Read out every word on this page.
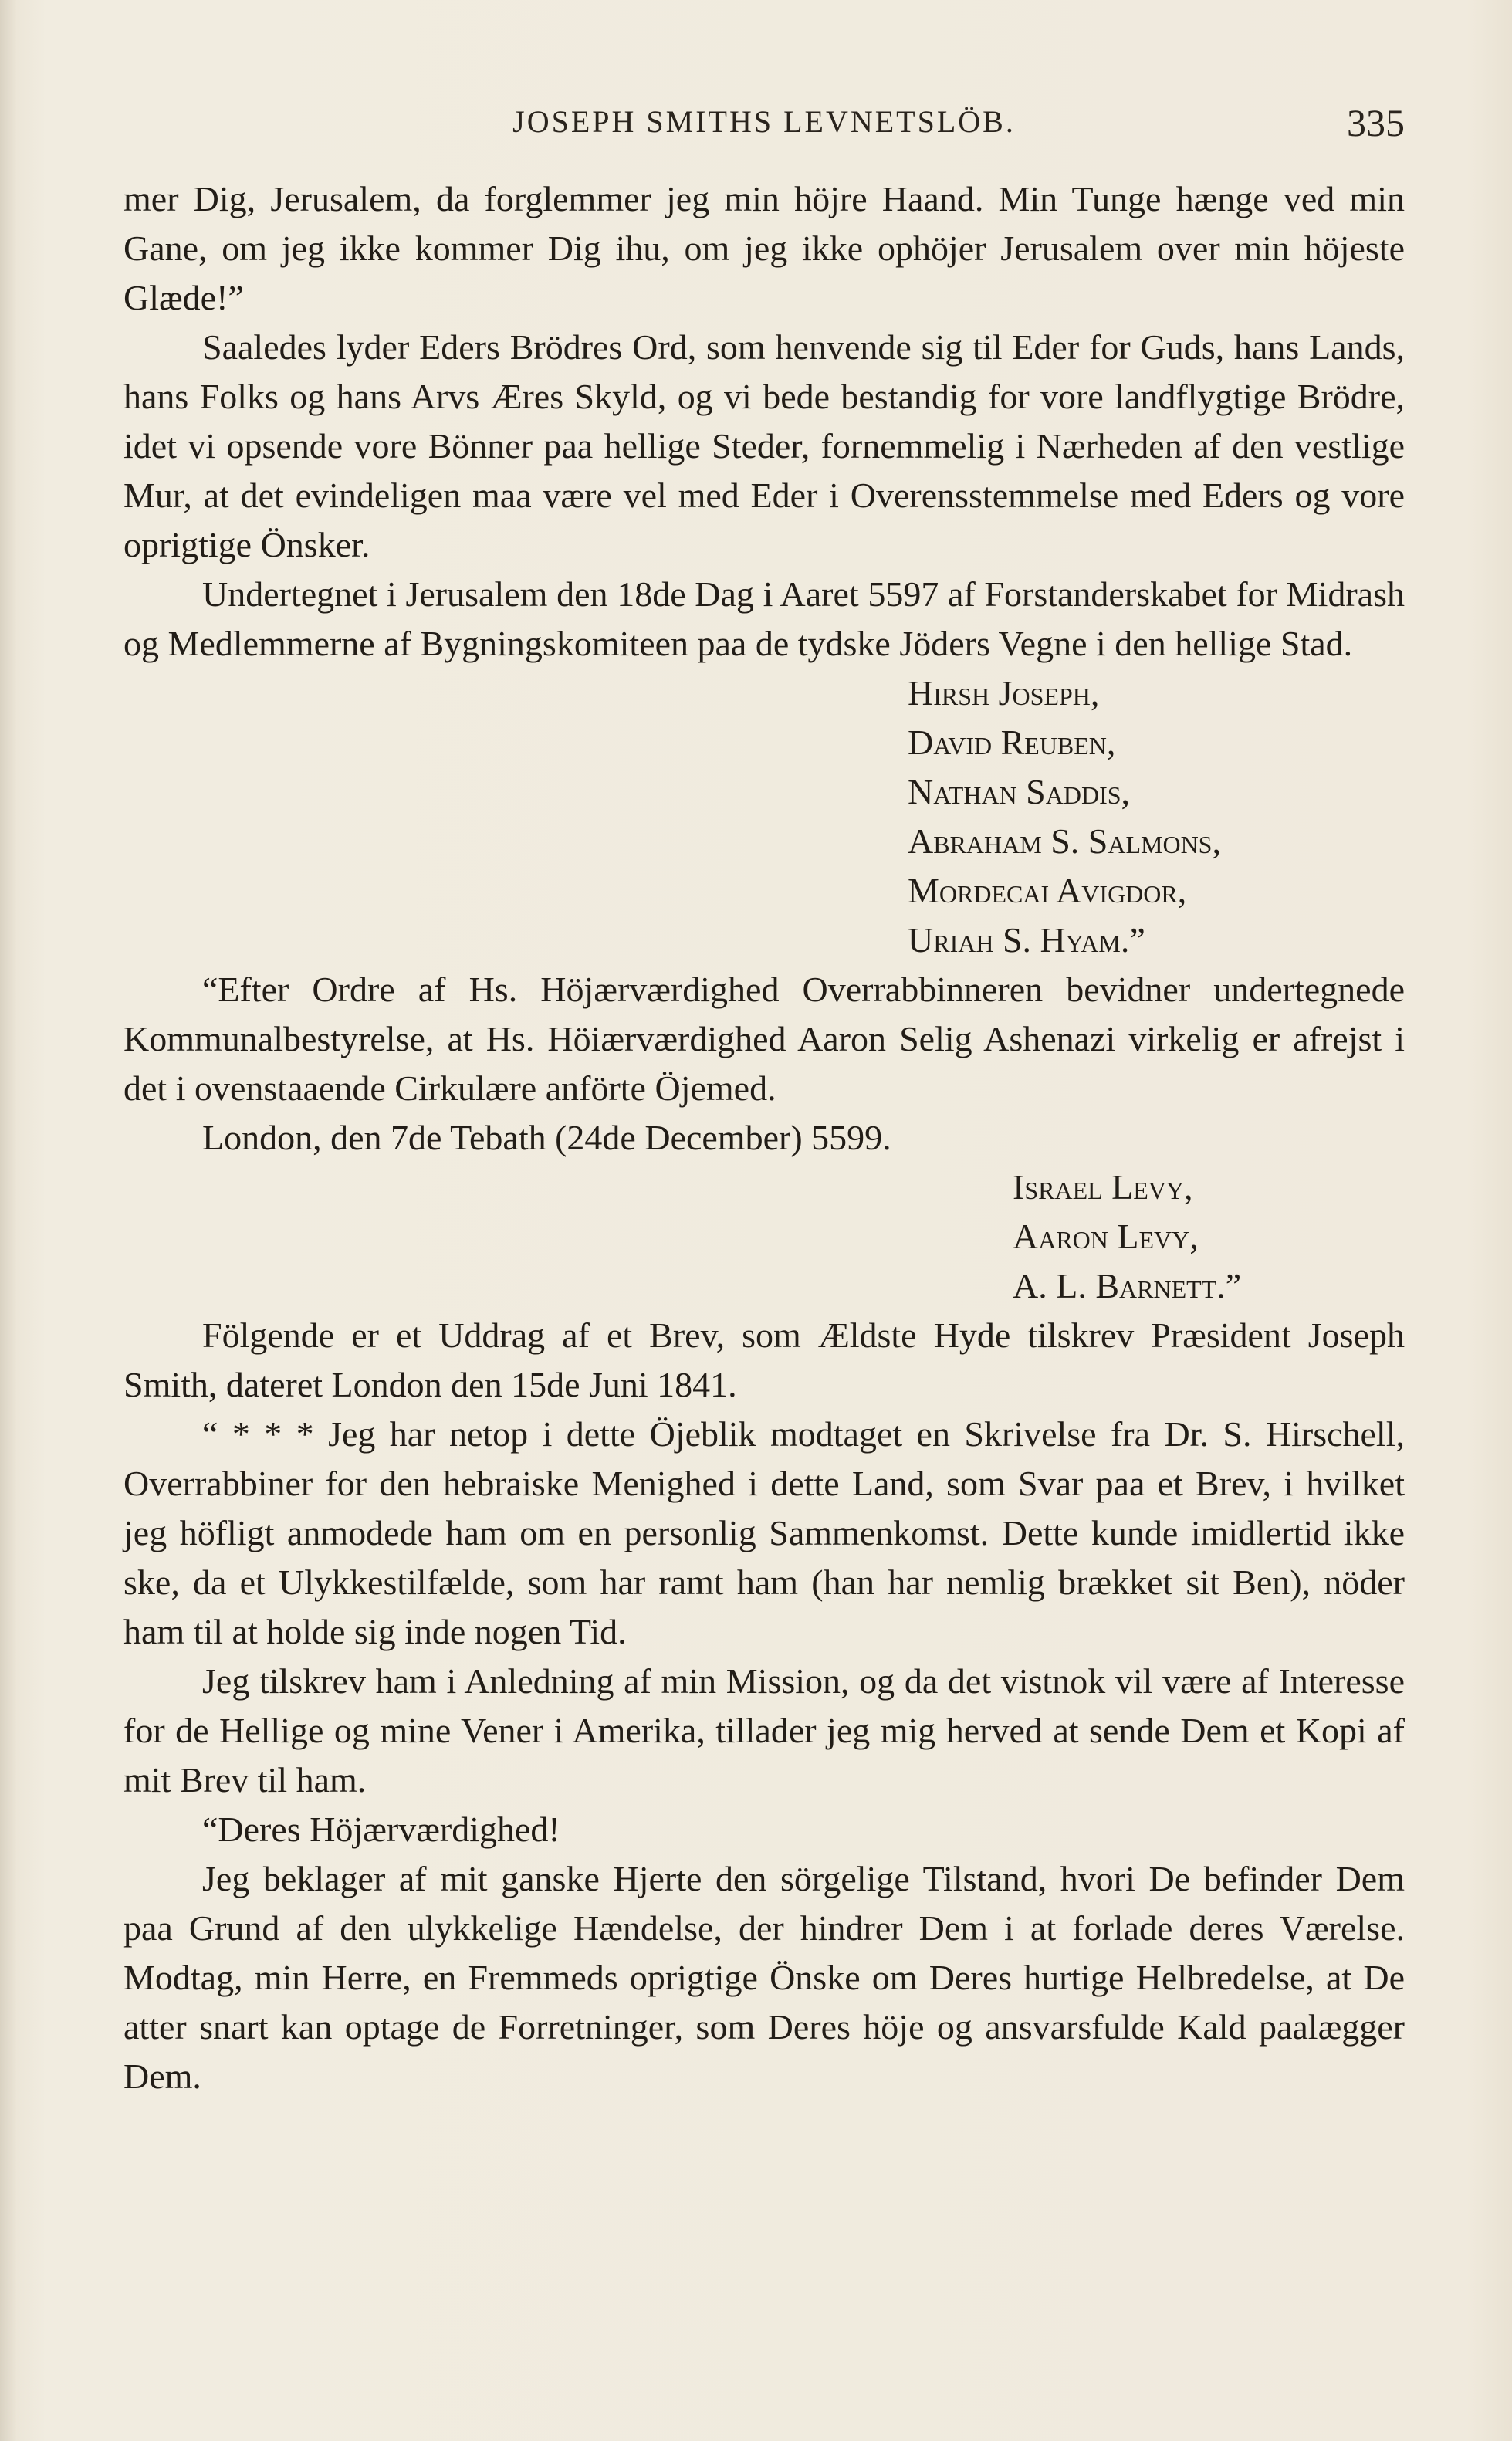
JOSEPH SMITHS LEVNETSLÖB.	335

mer Dig, Jerusalem, da forglemmer jeg min höjre Haand. Min Tunge hænge ved min Gane, om jeg ikke kommer Dig ihu, om jeg ikke ophöjer Jerusalem over min höjeste Glæde!”

Saaledes lyder Eders Brödres Ord, som henvende sig til Eder for Guds, hans Lands, hans Folks og hans Arvs Æres Skyld, og vi bede bestandig for vore landflygtige Brödre, idet vi opsende vore Bönner paa hellige Steder, fornemmelig i Nærheden af den vestlige Mur, at det evindeligen maa være vel med Eder i Overensstemmelse med Eders og vore oprigtige Önsker.

Undertegnet i Jerusalem den 18de Dag i Aaret 5597 af Forstanderskabet for Midrash og Medlemmerne af Bygningskomiteen paa de tydske Jöders Vegne i den hellige Stad.

Hirsh Joseph,
David Reuben,
Nathan Saddis,
Abraham S. Salmons,
Mordecai Avigdor,
Uriah S. Hyam.”

“Efter Ordre af Hs. Höjærværdighed Overrabbinneren bevidner undertegnede Kommunalbestyrelse, at Hs. Höiærværdighed Aaron Selig Ashenazi virkelig er afrejst i det i ovenstaaende Cirkulære anförte Öjemed.

London, den 7de Tebath (24de December) 5599.

Israel Levy,
Aaron Levy,
A. L. Barnett.”

Fölgende er et Uddrag af et Brev, som Ældste Hyde tilskrev Præsident Joseph Smith, dateret London den 15de Juni 1841.

“ * * * Jeg har netop i dette Öjeblik modtaget en Skrivelse fra Dr. S. Hirschell, Overrabbiner for den hebraiske Menighed i dette Land, som Svar paa et Brev, i hvilket jeg höfligt anmodede ham om en personlig Sammenkomst. Dette kunde imidlertid ikke ske, da et Ulykkestilfælde, som har ramt ham (han har nemlig brækket sit Ben), nöder ham til at holde sig inde nogen Tid.

Jeg tilskrev ham i Anledning af min Mission, og da det vistnok vil være af Interesse for de Hellige og mine Vener i Amerika, tillader jeg mig herved at sende Dem et Kopi af mit Brev til ham.

“Deres Höjærværdighed!

Jeg beklager af mit ganske Hjerte den sörgelige Tilstand, hvori De befinder Dem paa Grund af den ulykkelige Hændelse, der hindrer Dem i at forlade deres Værelse. Modtag, min Herre, en Fremmeds oprigtige Önske om Deres hurtige Helbredelse, at De atter snart kan optage de Forretninger, som Deres höje og ansvarsfulde Kald paalægger Dem.
